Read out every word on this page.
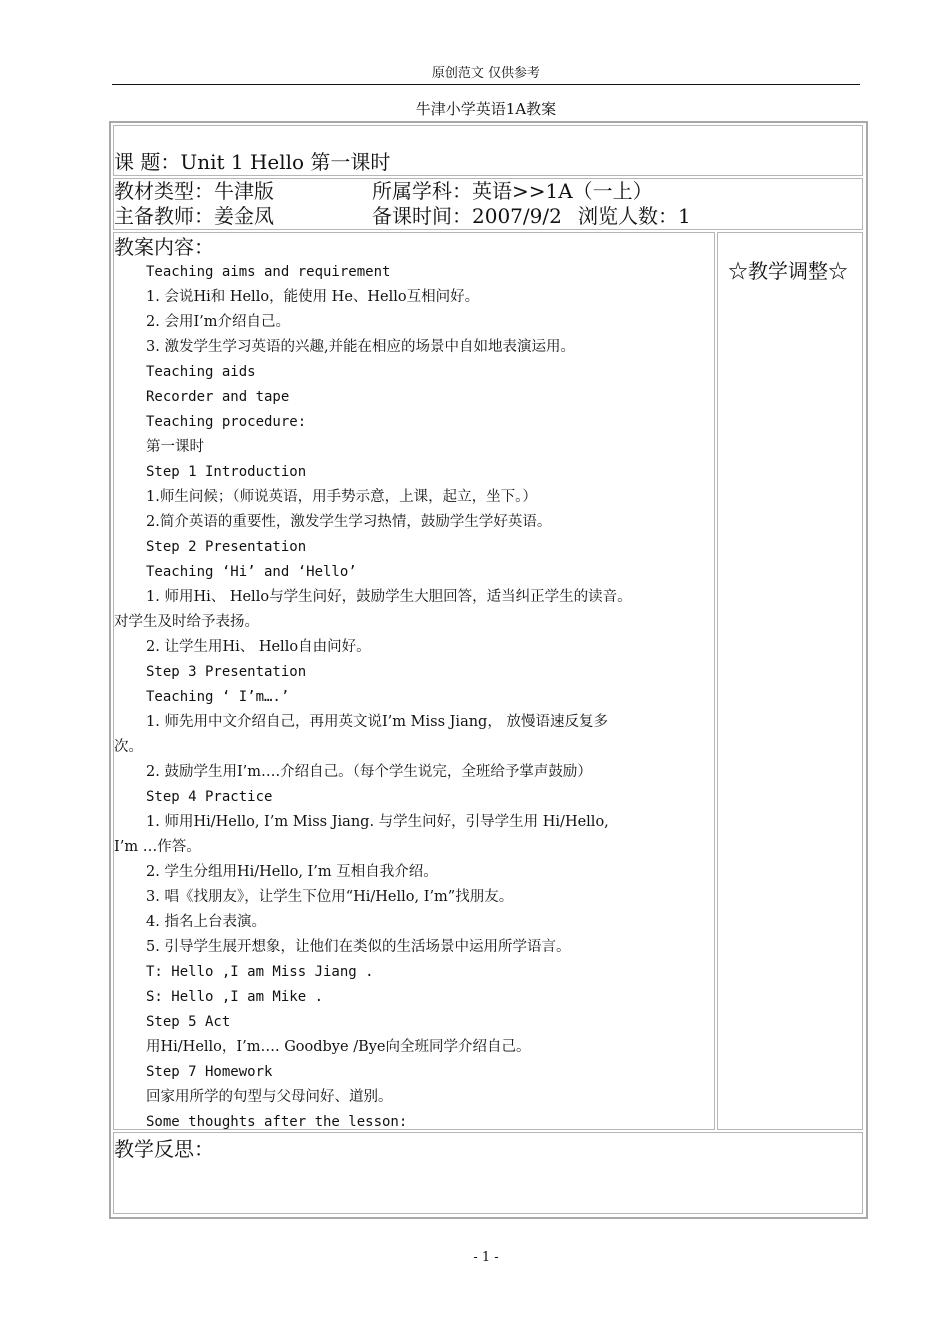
原创范文 仅供参考
牛津小学英语1A教案
课 题：Unit 1 Hello 第一课时
教材类型：牛津版	所属学科：英语>>1A（一上）
主备教师：姜金凤	备课时间：2007/9/2 浏览人数：1
教案内容：
Teaching aims and requirement
1. 会说Hi和 Hello，能使用 He、Hello互相问好。
2. 会用I’m介绍自己。
3. 激发学生学习英语的兴趣,并能在相应的场景中自如地表演运用。
Teaching aids
Recorder and tape
Teaching procedure:
第一课时
Step 1 Introduction
1.师生问候；（师说英语，用手势示意，上课，起立，坐下。）
2.简介英语的重要性，激发学生学习热情，鼓励学生学好英语。
Step 2 Presentation
Teaching ‘Hi’ and ‘Hello’
1. 师用Hi、 Hello与学生问好，鼓励学生大胆回答，适当纠正学生的读音。
对学生及时给予表扬。
2. 让学生用Hi、 Hello自由问好。
Step 3 Presentation
Teaching ‘ I’m….’
1. 师先用中文介绍自己，再用英文说I’m Miss Jiang， 放慢语速反复多
次。
2. 鼓励学生用I’m….介绍自己。（每个学生说完，全班给予掌声鼓励）
Step 4 Practice
1. 师用Hi/Hello, I’m Miss Jiang. 与学生问好，引导学生用 Hi/Hello,
I’m …作答。
2. 学生分组用Hi/Hello, I’m 互相自我介绍。
3. 唱《找朋友》，让学生下位用“Hi/Hello, I’m”找朋友。
4. 指名上台表演。
5. 引导学生展开想象，让他们在类似的生活场景中运用所学语言。
T: Hello ,I am Miss Jiang .
S: Hello ,I am Mike .
Step 5 Act
用Hi/Hello，I’m…. Goodbye /Bye向全班同学介绍自己。
Step 7 Homework
回家用所学的句型与父母问好、道别。
Some thoughts after the lesson:
☆教学调整☆
教学反思：
- 1 -
